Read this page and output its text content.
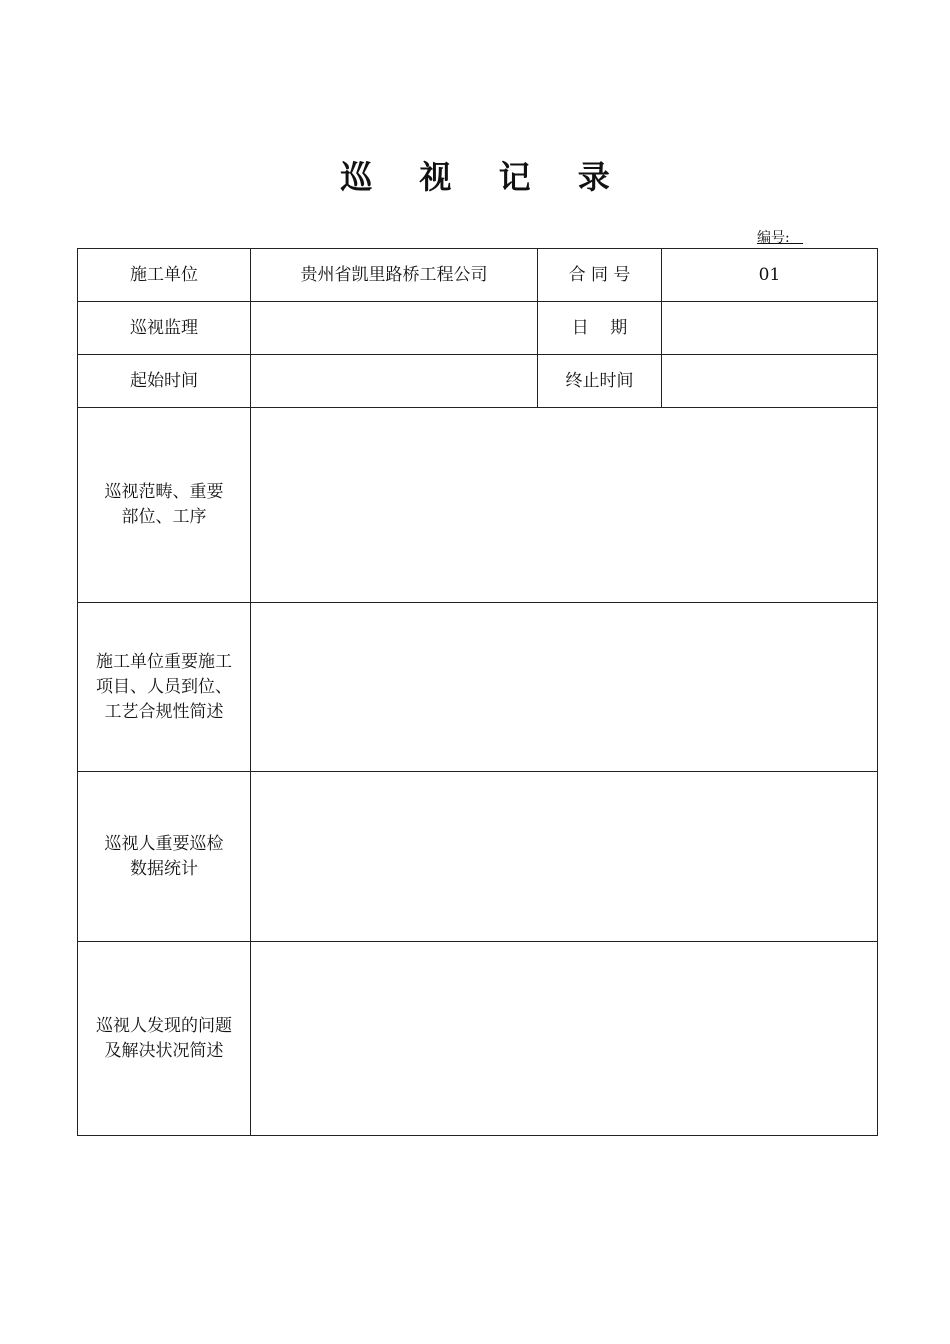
巡 视 记 录
编号:
施工单位	贵州省凯里路桥工程公司	合 同 号	01
巡视监理		日    期	
起始时间		终止时间	

巡视范畴、重要
部位、工序			

施工单位重要施工
项目、人员到位、
工艺合规性简述			

巡视人重要巡检
数据统计			

巡视人发现的问题
及解决状况简述			
